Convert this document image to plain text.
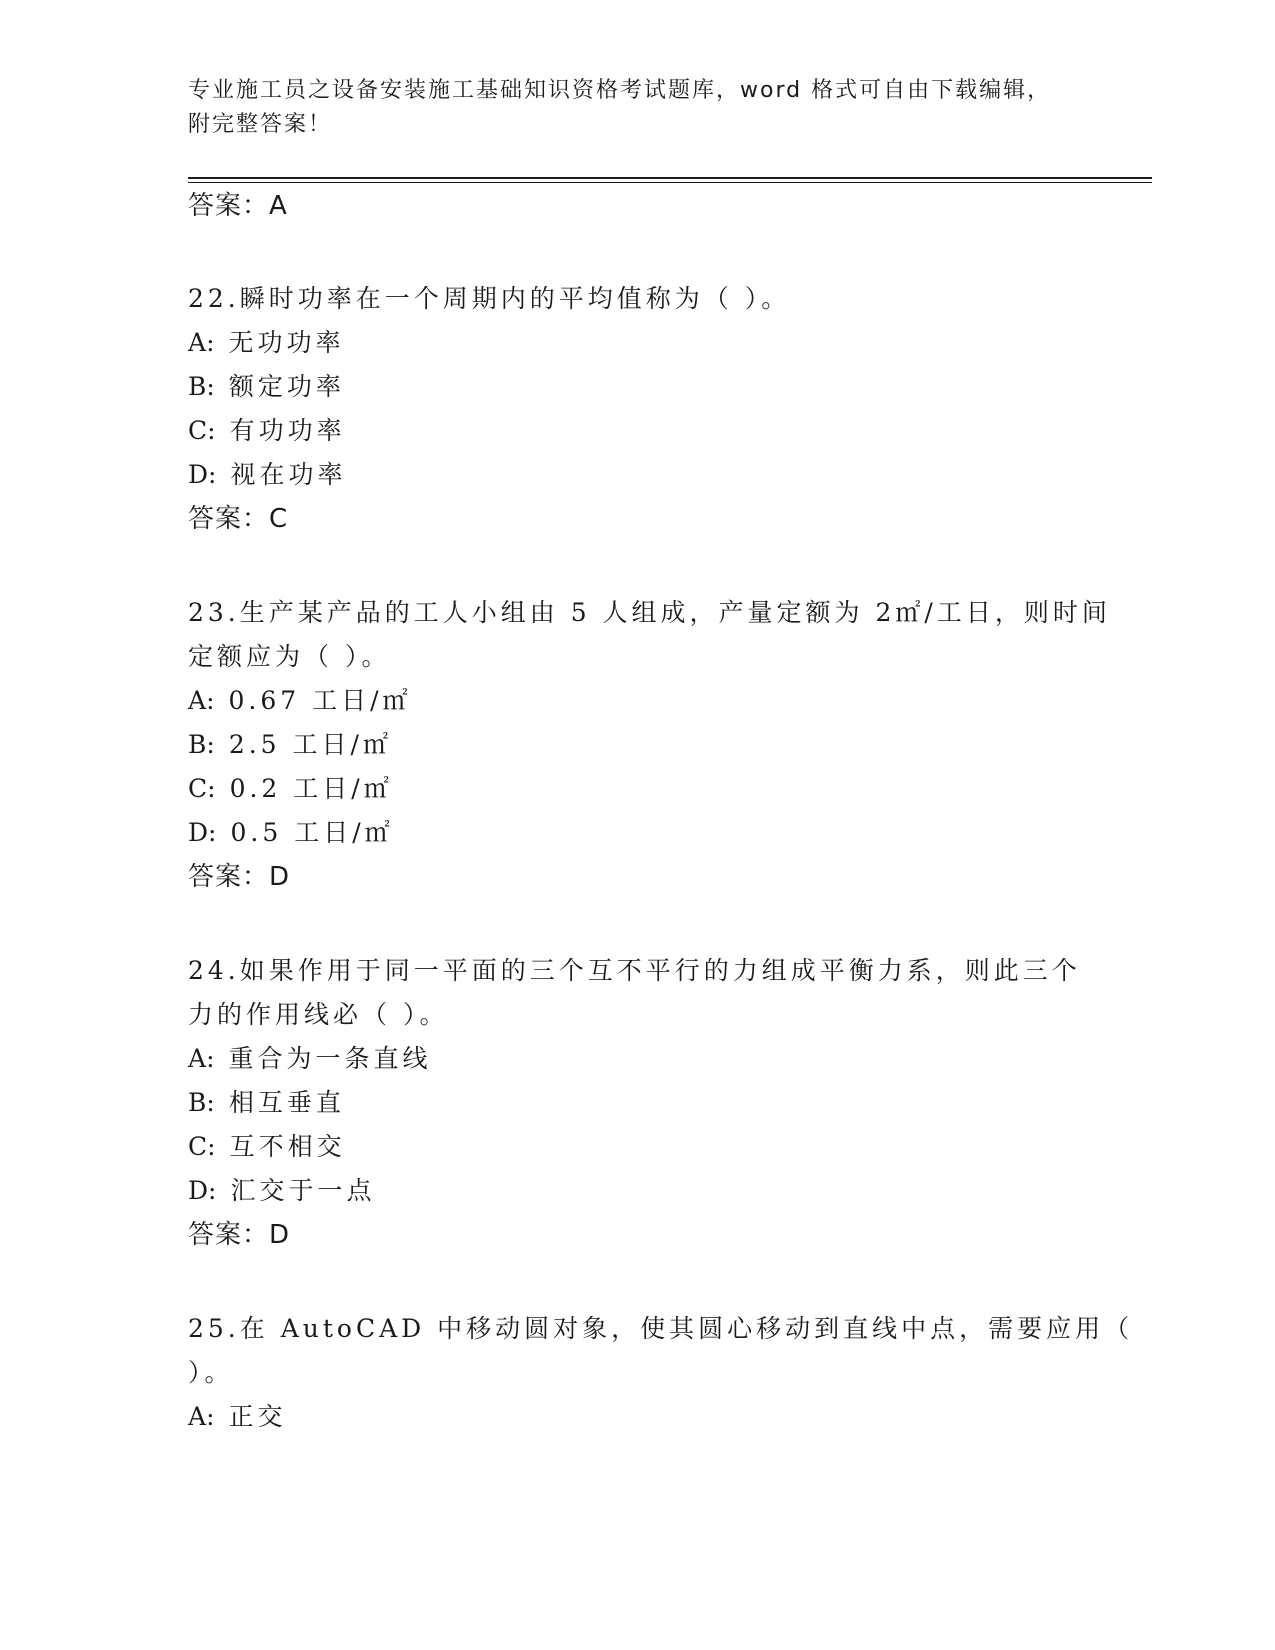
专业施工员之设备安装施工基础知识资格考试题库，word 格式可自由下载编辑，
附完整答案！
答案：A
22.瞬时功率在一个周期内的平均值称为（ ）。
A: 无功功率
B: 额定功率
C: 有功功率
D: 视在功率
答案：C
23.生产某产品的工人小组由 5 人组成，产量定额为 2㎡/工日，则时间
定额应为（ ）。
A: 0.67 工日/㎡
B: 2.5 工日/㎡
C: 0.2 工日/㎡
D: 0.5 工日/㎡
答案：D
24.如果作用于同一平面的三个互不平行的力组成平衡力系，则此三个
力的作用线必（ ）。
A: 重合为一条直线
B: 相互垂直
C: 互不相交
D: 汇交于一点
答案：D
25.在 AutoCAD 中移动圆对象，使其圆心移动到直线中点，需要应用（
）。
A: 正交
